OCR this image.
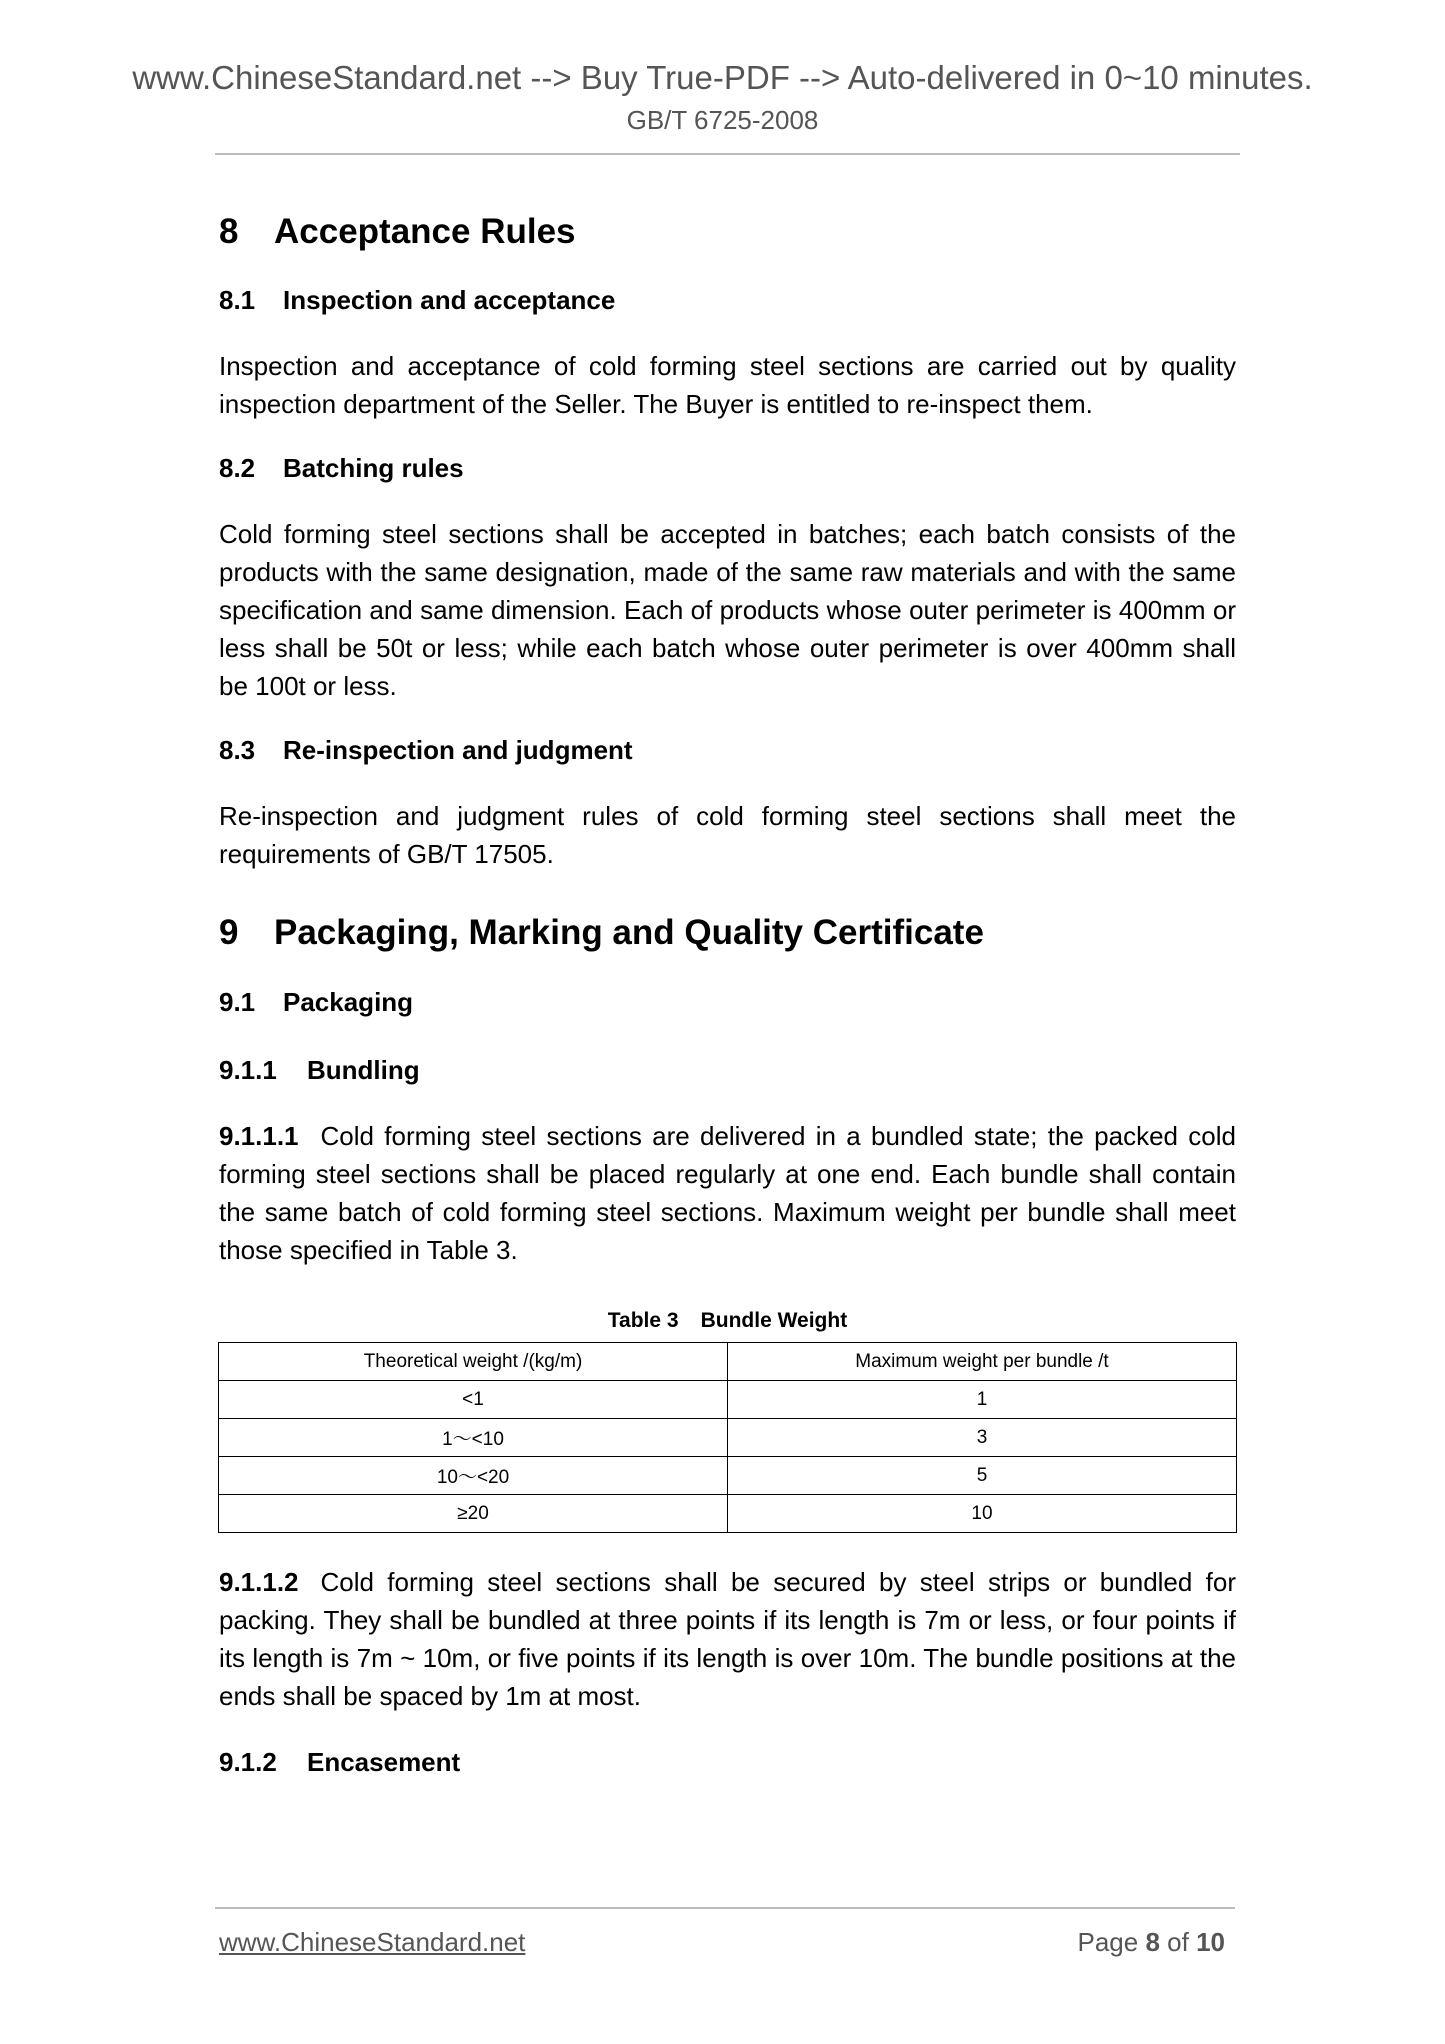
www.ChineseStandard.net --> Buy True-PDF --> Auto-delivered in 0~10 minutes.
GB/T 6725-2008
8	Acceptance Rules
8.1	Inspection and acceptance

Inspection and acceptance of cold forming steel sections are carried out by quality inspection department of the Seller. The Buyer is entitled to re-inspect them.

8.2	Batching rules

Cold forming steel sections shall be accepted in batches; each batch consists of the products with the same designation, made of the same raw materials and with the same specification and same dimension. Each of products whose outer perimeter is 400mm or less shall be 50t or less; while each batch whose outer perimeter is over 400mm shall be 100t or less.

8.3	Re-inspection and judgment

Re-inspection and judgment rules of cold forming steel sections shall meet the requirements of GB/T 17505.

9	Packaging, Marking and Quality Certificate
9.1	Packaging
9.1.1	Bundling

9.1.1.1 Cold forming steel sections are delivered in a bundled state; the packed cold forming steel sections shall be placed regularly at one end. Each bundle shall contain the same batch of cold forming steel sections. Maximum weight per bundle shall meet those specified in Table 3.

Table 3 Bundle Weight

Theoretical weight /(kg/m)	Maximum weight per bundle /t
<1	1
1～<10	3
10～<20	5
≥20	10

9.1.1.2 Cold forming steel sections shall be secured by steel strips or bundled for packing. They shall be bundled at three points if its length is 7m or less, or four points if its length is 7m ~ 10m, or five points if its length is over 10m. The bundle positions at the ends shall be spaced by 1m at most.

9.1.2	Encasement
www.ChineseStandard.net	Page 8 of 10
